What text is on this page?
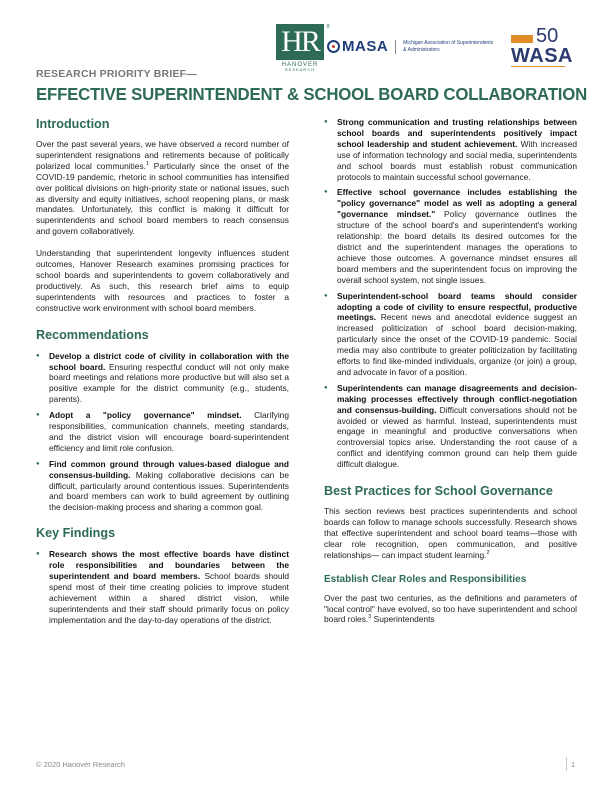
HR	®
HANOVER
RESEARCH
MASA	Michigan Association of Superintendents & Administrators
50
WASA
RESEARCH PRIORITY BRIEF—
EFFECTIVE SUPERINTENDENT & SCHOOL BOARD COLLABORATION
Introduction

Over the past several years, we have observed a record number of superintendent resignations and retirements because of politically polarized local communities.$^1$ Particularly since the onset of the COVID-19 pandemic, rhetoric in school communities has intensified over political divisions on high-priority state or national issues, such as diversity and equity initiatives, school reopening plans, or mask mandates. Unfortunately, this conflict is making it difficult for superintendents and school board members to reach consensus and govern collaboratively.

Understanding that superintendent longevity influences student outcomes, Hanover Research examines promising practices for school boards and superintendents to govern collaboratively and productively. As such, this research brief aims to equip superintendents with resources and practices to foster a constructive work environment with school board members.

Recommendations
● Develop a district code of civility in collaboration with the school board. Ensuring respectful conduct will not only make board meetings and relations more productive but will also set a positive example for the district community (e.g., students, parents).
● Adopt a "policy governance" mindset. Clarifying responsibilities, communication channels, meeting standards, and the district vision will encourage board-superintendent efficiency and limit role confusion.
● Find common ground through values-based dialogue and consensus-building. Making collaborative decisions can be difficult, particularly around contentious issues. Superintendents and board members can work to build agreement by outlining the decision-making process and sharing a common goal.
Key Findings
● Research shows the most effective boards have distinct role responsibilities and boundaries between the superintendent and board members. School boards should spend most of their time creating policies to improve student achievement within a shared district vision, while superintendents and their staff should primarily focus on policy implementation and the day-to-day operations of the district.
● Strong communication and trusting relationships between school boards and superintendents positively impact school leadership and student achievement. With increased use of information technology and social media, superintendents and school boards must establish robust communication protocols to maintain successful school governance.
● Effective school governance includes establishing the "policy governance" model as well as adopting a general "governance mindset." Policy governance outlines the structure of the school board's and superintendent's working relationship: the board details its desired outcomes for the district and the superintendent manages the operations to achieve those outcomes. A governance mindset ensures all board members and the superintendent focus on improving the overall school system, not single issues.
● Superintendent-school board teams should consider adopting a code of civility to ensure respectful, productive meetings. Recent news and anecdotal evidence suggest an increased politicization of school board decision-making, particularly since the onset of the COVID-19 pandemic. Social media may also contribute to greater politicization by facilitating efforts to find like-minded individuals, organize (or join) a group, and advocate in favor of a position.
● Superintendents can manage disagreements and decision-making processes effectively through conflict-negotiation and consensus-building. Difficult conversations should not be avoided or viewed as harmful. Instead, superintendents must engage in meaningful and productive conversations when controversial topics arise. Understanding the root cause of a conflict and identifying common ground can help them guide difficult dialogue.
Best Practices for School Governance

This section reviews best practices superintendents and school boards can follow to manage schools successfully. Research shows that effective superintendent and school board teams—those with clear role recognition, open communication, and positive relationships— can impact student learning.$^2$

Establish Clear Roles and Responsibilities

Over the past two centuries, as the definitions and parameters of "local control" have evolved, so too have superintendent and school board roles.$^3$ Superintendents

© 2020 Hanover Research	1
